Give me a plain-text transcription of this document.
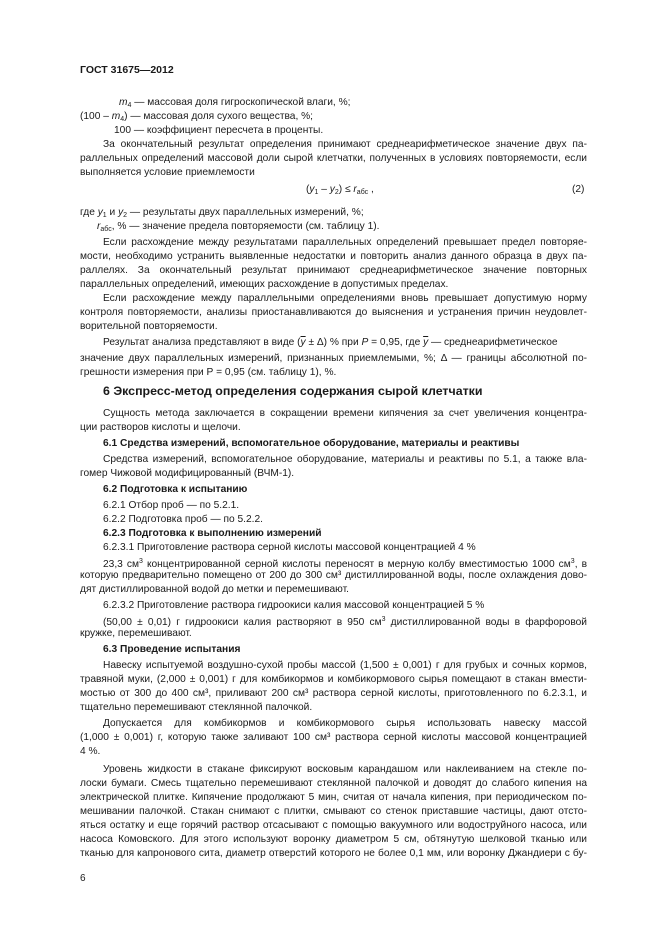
ГОСТ 31675—2012
$m_4$ — массовая доля гигроскопической влаги, %;
$(100 - m_4)$ — массовая доля сухого вещества, %;
100 — коэффициент пересчета в проценты.
За окончательный результат определения принимают среднеарифметическое значение двух па-
раллельных определений массовой доли сырой клетчатки, полученных в условиях повторяемости, если
выполняется условие приемлемости
$(y_1 - y_2) \le r_{абс}$ ,	(2)
где $y_1$ и $y_2$ — результаты двух параллельных измерений, %;
$r_{абс}$, % — значение предела повторяемости (см. таблицу 1).
Если расхождение между результатами параллельных определений превышает предел повторяе-
мости, необходимо устранить выявленные недостатки и повторить анализ данного образца в двух па-
раллелях. За окончательный результат принимают среднеарифметическое значение повторных
параллельных определений, имеющих расхождение в допустимых пределах.
Если расхождение между параллельными определениями вновь превышает допустимую норму
контроля повторяемости, анализы приостанавливаются до выяснения и устранения причин неудовлет-
ворительной повторяемости.
Результат анализа представляют в виде $(\overline{y} \pm \Delta)$ % при Р = 0,95, где $\overline{y}$ — среднеарифметическое
значение двух параллельных измерений, признанных приемлемыми, %; Δ — границы абсолютной по-
грешности измерения при Р = 0,95 (см. таблицу 1), %.
6 Экспресс-метод определения содержания сырой клетчатки
Сущность метода заключается в сокращении времени кипячения за счет увеличения концентра-
ции растворов кислоты и щелочи.
6.1 Средства измерений, вспомогательное оборудование, материалы и реактивы
Средства измерений, вспомогательное оборудование, материалы и реактивы по 5.1, а также вла-
гомер Чижовой модифицированный (ВЧМ-1).
6.2 Подготовка к испытанию
6.2.1 Отбор проб — по 5.2.1.
6.2.2 Подготовка проб — по 5.2.2.
6.2.3 Подготовка к выполнению измерений
6.2.3.1 Приготовление раствора серной кислоты массовой концентрацией 4 %
23,3 $см^3$ концентрированной серной кислоты переносят в мерную колбу вместимостью 1000 $см^3$, в
которую предварительно помещено от 200 до 300 см³ дистиллированной воды, после охлаждения дово-
дят дистиллированной водой до метки и перемешивают.
6.2.3.2 Приготовление раствора гидроокиси калия массовой концентрацией 5 %
(50,00 ± 0,01) г гидроокиси калия растворяют в 950 $см^3$ дистиллированной воды в фарфоровой
кружке, перемешивают.
6.3 Проведение испытания
Навеску испытуемой воздушно-сухой пробы массой (1,500 ± 0,001) г для грубых и сочных кормов,
травяной муки, (2,000 ± 0,001) г для комбикормов и комбикормового сырья помещают в стакан вмести-
мостью от 300 до 400 см³, приливают 200 см³ раствора серной кислоты, приготовленного по 6.2.3.1, и
тщательно перемешивают стеклянной палочкой.
Допускается для комбикормов и комбикормового сырья использовать навеску массой
(1,000 ± 0,001) г, которую также заливают 100 см³ раствора серной кислоты массовой концентрацией
4 %.
Уровень жидкости в стакане фиксируют восковым карандашом или наклеиванием на стекле по-
лоски бумаги. Смесь тщательно перемешивают стеклянной палочкой и доводят до слабого кипения на
электрической плитке. Кипячение продолжают 5 мин, считая от начала кипения, при периодическом по-
мешивании палочкой. Стакан снимают с плитки, смывают со стенок приставшие частицы, дают отсто-
яться остатку и еще горячий раствор отсасывают с помощью вакуумного или водоструйного насоса, или
насоса Комовского. Для этого используют воронку диаметром 5 см, обтянутую шелковой тканью или
тканью для капронового сита, диаметр отверстий которого не более 0,1 мм, или воронку Джандиери с бу-
6
